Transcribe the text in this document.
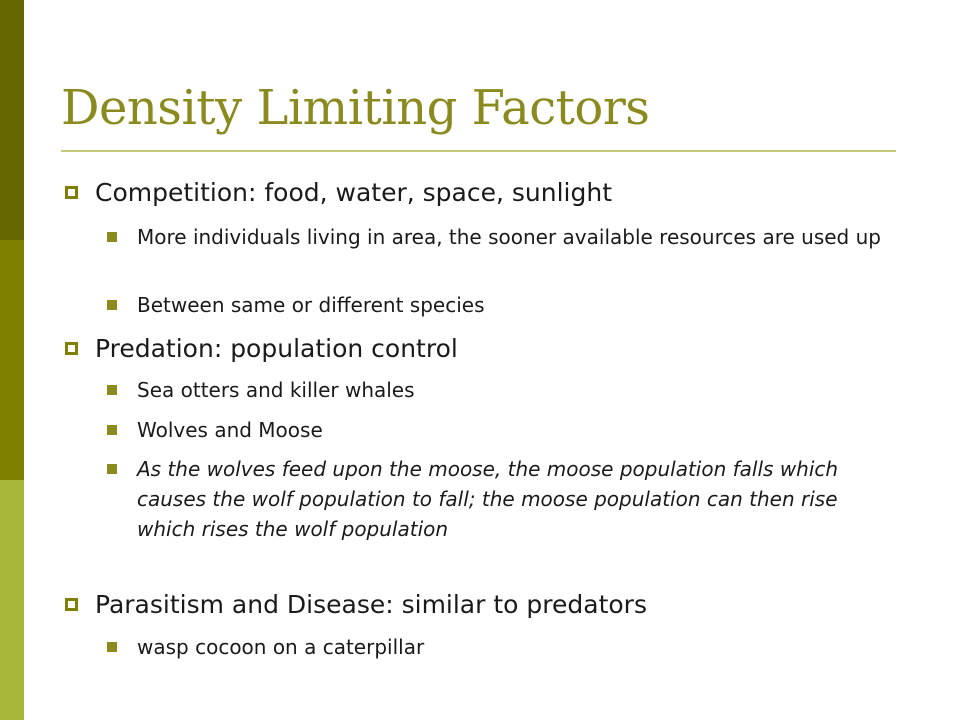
Density Limiting Factors
Competition: food, water, space, sunlight
More individuals living in area, the sooner available resources are used up
Between same or different species
Predation: population control
Sea otters and killer whales
Wolves and Moose
As the wolves feed upon the moose, the moose population falls which causes the wolf population to fall; the moose population can then rise which rises the wolf population
Parasitism and Disease: similar to predators
wasp cocoon on a caterpillar
